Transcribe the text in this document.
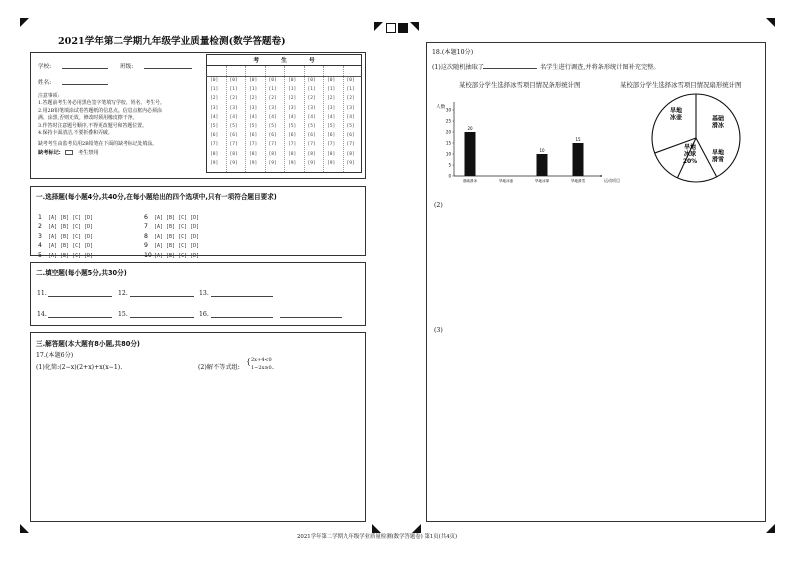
2021学年第二学期九年级学业质量检测(数学答题卷)
学校:	班级:
姓名:
注意事项:
1.答题前考生务必用黑色签字笔填写学校、姓名、考生号。
2.用2B铅笔填涂试卷答题纸的信息点。信息点框内必须涂
满、涂黑,否则无效。修改时须用橡皮擦干净。
3.作答时注意题号顺序,不得更改题号和答题位置。
4.保持卡面清洁,不要折叠和弄破。
缺考考生由监考员用2B铅笔在下面的缺考标记处填涂。
缺考标记:	考生禁用
考	生	号
[0] [0] [0] [0] [0] [0] [0] [0]
[1] [1] [1] [1] [1] [1] [1] [1]
[2] [2] [2] [2] [2] [2] [2] [2]
[3] [3] [3] [3] [3] [3] [3] [3]
[4] [4] [4] [4] [4] [4] [4] [4]
[5] [5] [5] [5] [5] [5] [5] [5]
[6] [6] [6] [6] [6] [6] [6] [6]
[7] [7] [7] [7] [7] [7] [7] [7]
[8] [8] [8] [8] [8] [8] [8] [8]
[9] [9] [9] [9] [9] [9] [9] [9]
一.选择题(每小题4分,共40分,在每小题给出的四个选项中,只有一项符合题目要求)
1 [A] [B] [C] [D]
2 [A] [B] [C] [D]
3 [A] [B] [C] [D]
4 [A] [B] [C] [D]
5 [A] [B] [C] [D]
6 [A] [B] [C] [D]
7 [A] [B] [C] [D]
8 [A] [B] [C] [D]
9 [A] [B] [C] [D]
10 [A] [B] [C] [D]
二.填空题(每小题5分,共30分)
11.	12.	13.
14.	15.	16.
三.解答题(本大题有8小题,共80分)
17.(本题6分)
(1)化简:(2−x)(2+x)+x(x−1).	(2)解不等式组:
{ 2x+4<0
1−2x≥0 .
18.(本题10分)
(1)这次随机抽取了	名学生进行调查,并将条形统计图补充完整。
某校部分学生选择冰雪项目情况条形统计图	某校部分学生选择冰雪项目情况扇形统计图
人数
0
5
10
15
20
25
30
20
基础滑冰	旱地冰壶
10
旱地冰球
15
旱地滑雪	运动项目
旱地冰壶	基础滑冰
旱地冰球 20%
旱地滑雪
(2)
(3)
2021学年第二学期九年级学业质量检测(数学答题卷) 第1页(共4页)
